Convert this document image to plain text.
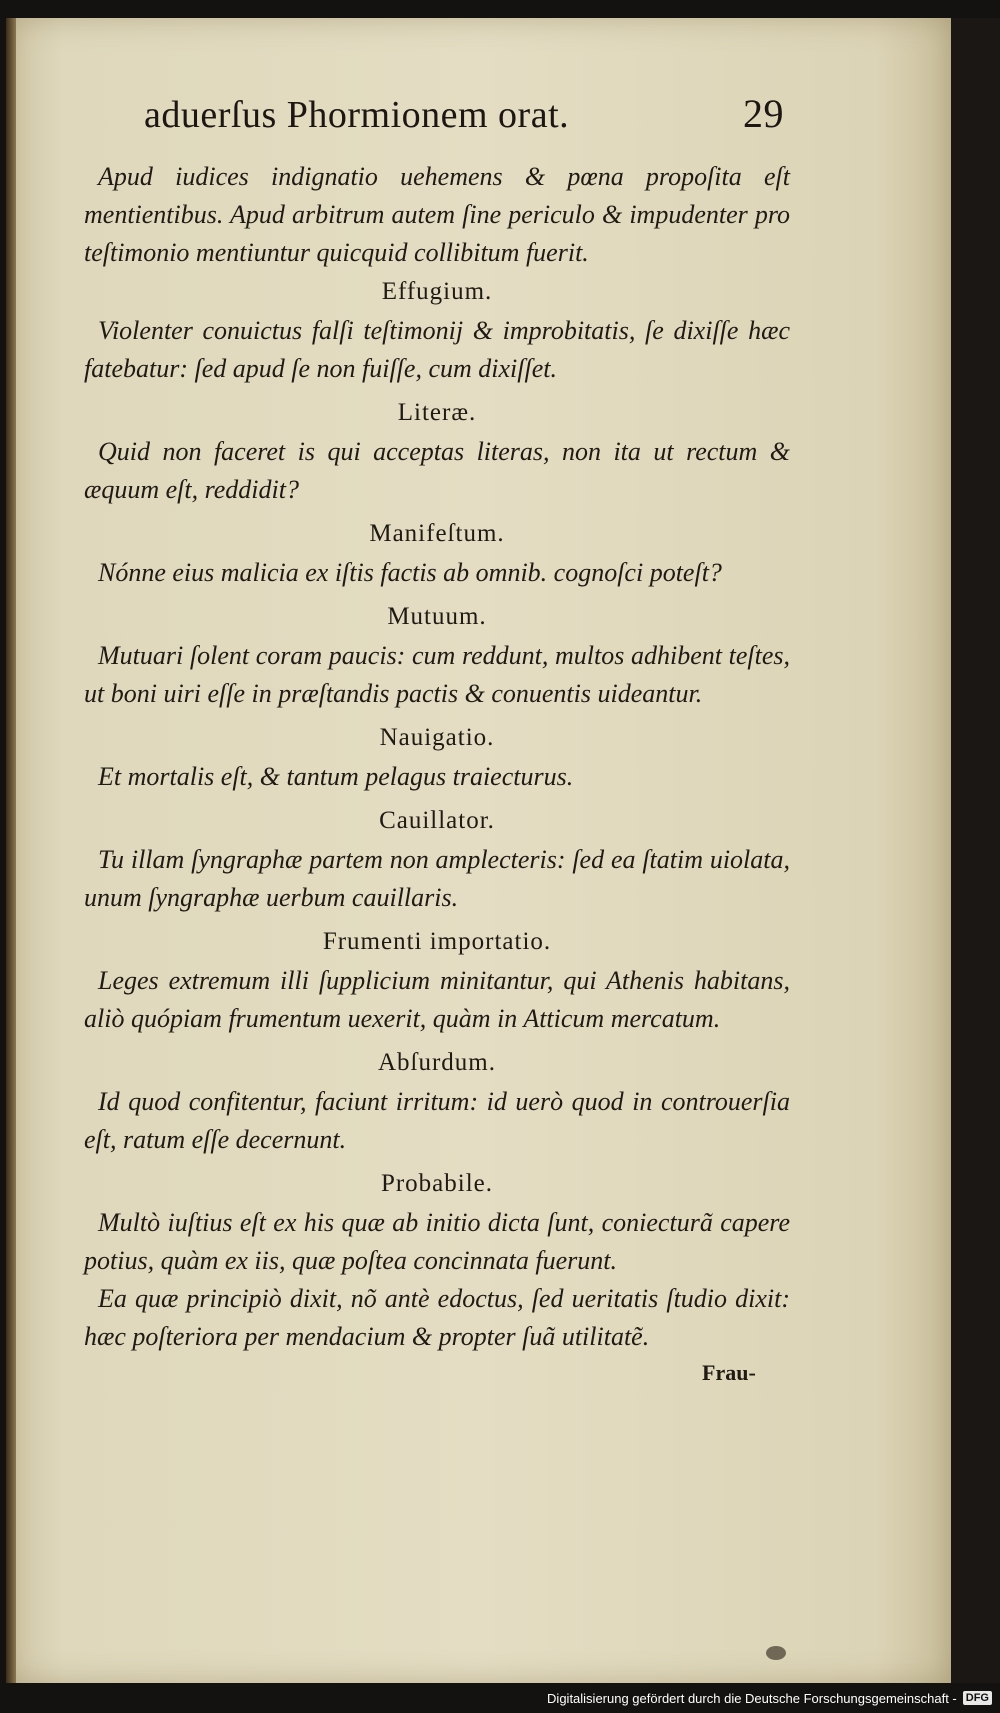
aduerſus Phormionem orat.	29
Apud iudices indignatio uehemens & pœna propoſita eſt mentientibus. Apud arbitrum autem ſine periculo & impudenter pro teſtimonio mentiuntur quicquid collibitum fuerit.
Effugium.
Violenter conuictus falſi teſtimonij & improbitatis, ſe dixiſſe hæc fatebatur: ſed apud ſe non fuiſſe, cum dixiſſet.
Literæ.
Quid non faceret is qui acceptas literas, non ita ut rectum & æquum eſt, reddidit?
Manifeſtum.
Nónne eius malicia ex iſtis factis ab omnib. cognoſci poteſt?
Mutuum.
Mutuari ſolent coram paucis: cum reddunt, multos adhibent teſtes, ut boni uiri eſſe in præſtandis pactis & conuentis uideantur.
Nauigatio.
Et mortalis eſt, & tantum pelagus traiecturus.
Cauillator.
Tu illam ſyngraphæ partem non amplecteris: ſed ea ſtatim uiolata, unum ſyngraphæ uerbum cauillaris.
Frumenti importatio.
Leges extremum illi ſupplicium minitantur, qui Athenis habitans, aliò quópiam frumentum uexerit, quàm in Atticum mercatum.
Abſurdum.
Id quod confitentur, faciunt irritum: id uerò quod in controuerſia eſt, ratum eſſe decernunt.
Probabile.
Multò iuſtius eſt ex his quæ ab initio dicta ſunt, coniecturã capere potius, quàm ex iis, quæ poſtea concinnata fuerunt.
Ea quæ principiò dixit, nõ antè edoctus, ſed ueritatis ſtudio dixit: hæc poſteriora per mendacium & propter ſuã utilitatẽ.
Frau-
Digitalisierung gefördert durch die Deutsche Forschungsgemeinschaft - DFG
